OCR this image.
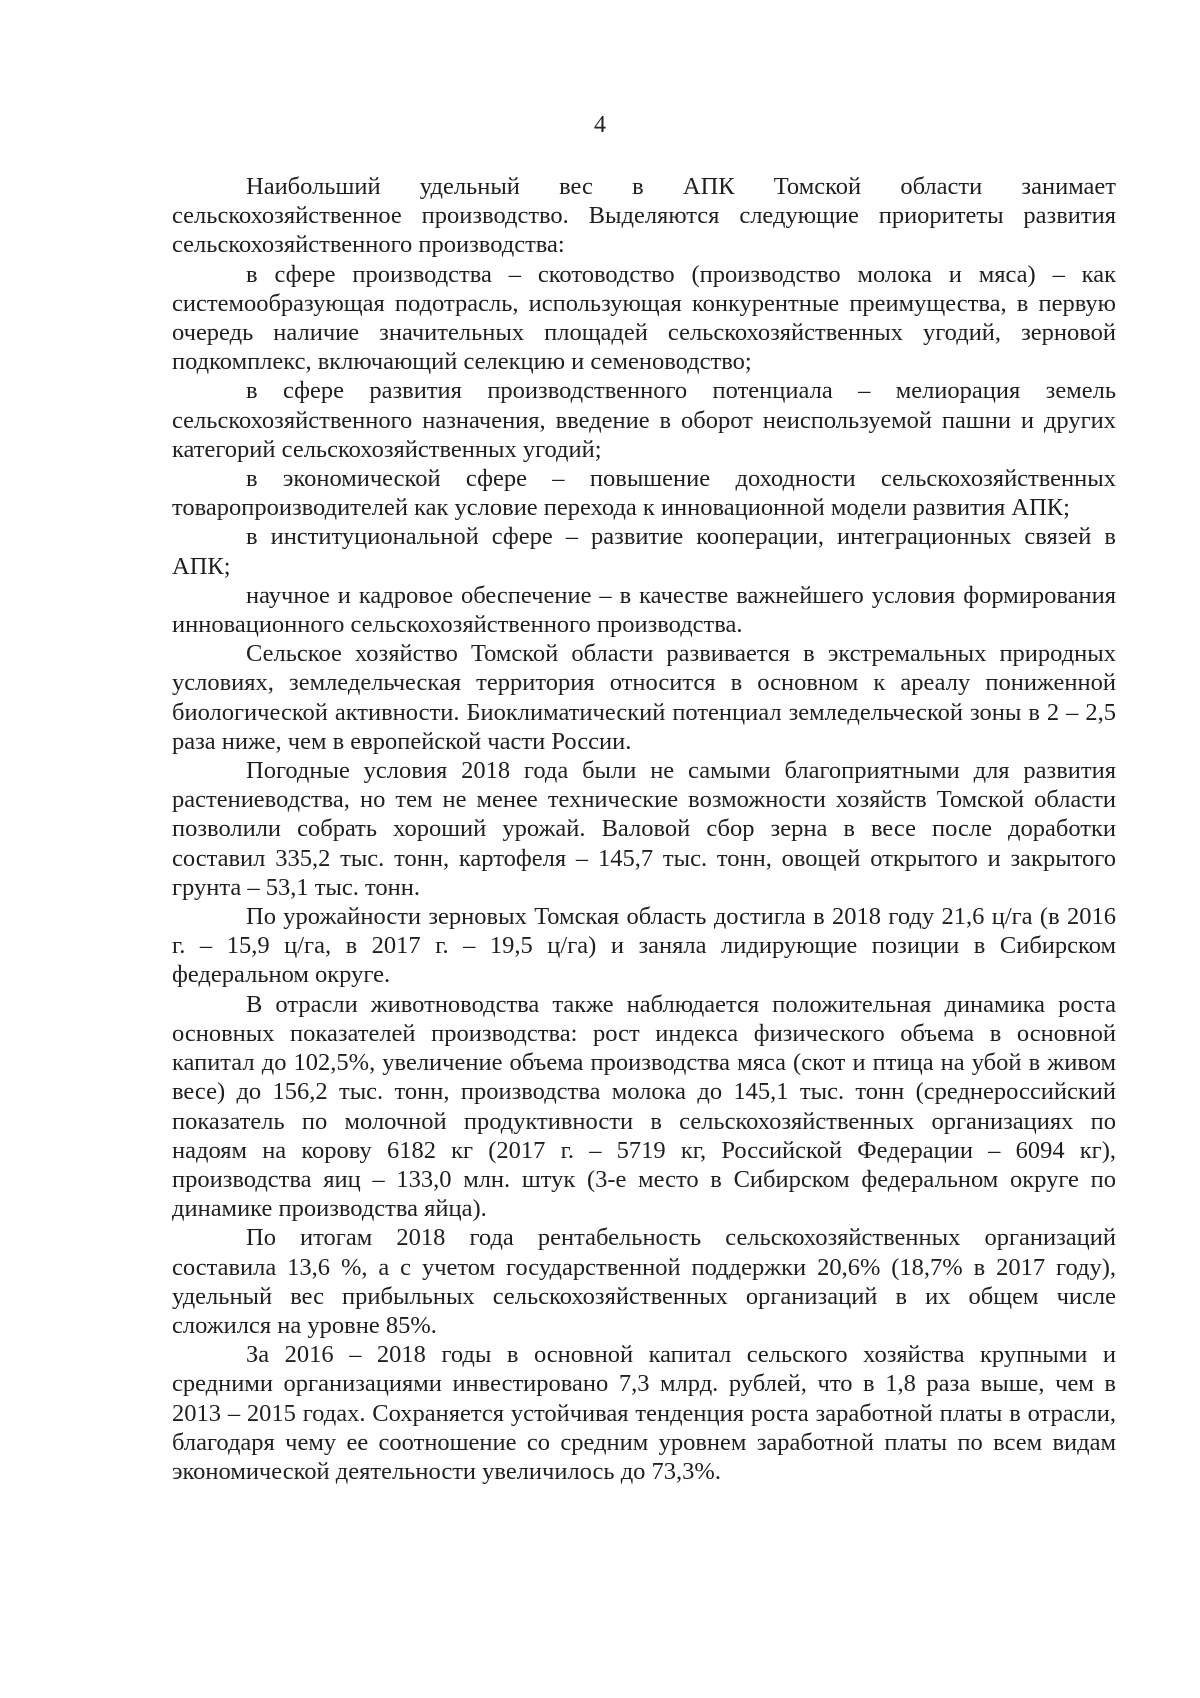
4

Наибольший удельный вес в АПК Томской области занимает сельскохозяйственное производство. Выделяются следующие приоритеты развития сельскохозяйственного производства:

в сфере производства – скотоводство (производство молока и мяса) – как системообразующая подотрасль, использующая конкурентные преимущества, в первую очередь наличие значительных площадей сельскохозяйственных угодий, зерновой подкомплекс, включающий селекцию и семеноводство;

в сфере развития производственного потенциала – мелиорация земель сельскохозяйственного назначения, введение в оборот неиспользуемой пашни и других категорий сельскохозяйственных угодий;

в экономической сфере – повышение доходности сельскохозяйственных товаропроизводителей как условие перехода к инновационной модели развития АПК;

в институциональной сфере – развитие кооперации, интеграционных связей в АПК;

научное и кадровое обеспечение – в качестве важнейшего условия формирования инновационного сельскохозяйственного производства.

Сельское хозяйство Томской области развивается в экстремальных природных условиях, земледельческая территория относится в основном к ареалу пониженной биологической активности. Биоклиматический потенциал земледельческой зоны в 2 – 2,5 раза ниже, чем в европейской части России.

Погодные условия 2018 года были не самыми благоприятными для развития растениеводства, но тем не менее технические возможности хозяйств Томской области позволили собрать хороший урожай. Валовой сбор зерна в весе после доработки составил 335,2 тыс. тонн, картофеля – 145,7 тыс. тонн, овощей открытого и закрытого грунта – 53,1 тыс. тонн.

По урожайности зерновых Томская область достигла в 2018 году 21,6 ц/га (в 2016 г. – 15,9 ц/га, в 2017 г. – 19,5 ц/га) и заняла лидирующие позиции в Сибирском федеральном округе.

В отрасли животноводства также наблюдается положительная динамика роста основных показателей производства: рост индекса физического объема в основной капитал до 102,5%, увеличение объема производства мяса (скот и птица на убой в живом весе) до 156,2 тыс. тонн, производства молока до 145,1 тыс. тонн (среднероссийский показатель по молочной продуктивности в сельскохозяйственных организациях по надоям на корову 6182 кг (2017 г. – 5719 кг, Российской Федерации – 6094 кг), производства яиц – 133,0 млн. штук (3-е место в Сибирском федеральном округе по динамике производства яйца).

По итогам 2018 года рентабельность сельскохозяйственных организаций составила 13,6 %, а с учетом государственной поддержки 20,6% (18,7% в 2017 году), удельный вес прибыльных сельскохозяйственных организаций в их общем числе сложился на уровне 85%.

За 2016 – 2018 годы в основной капитал сельского хозяйства крупными и средними организациями инвестировано 7,3 млрд. рублей, что в 1,8 раза выше, чем в 2013 – 2015 годах. Сохраняется устойчивая тенденция роста заработной платы в отрасли, благодаря чему ее соотношение со средним уровнем заработной платы по всем видам экономической деятельности увеличилось до 73,3%.
